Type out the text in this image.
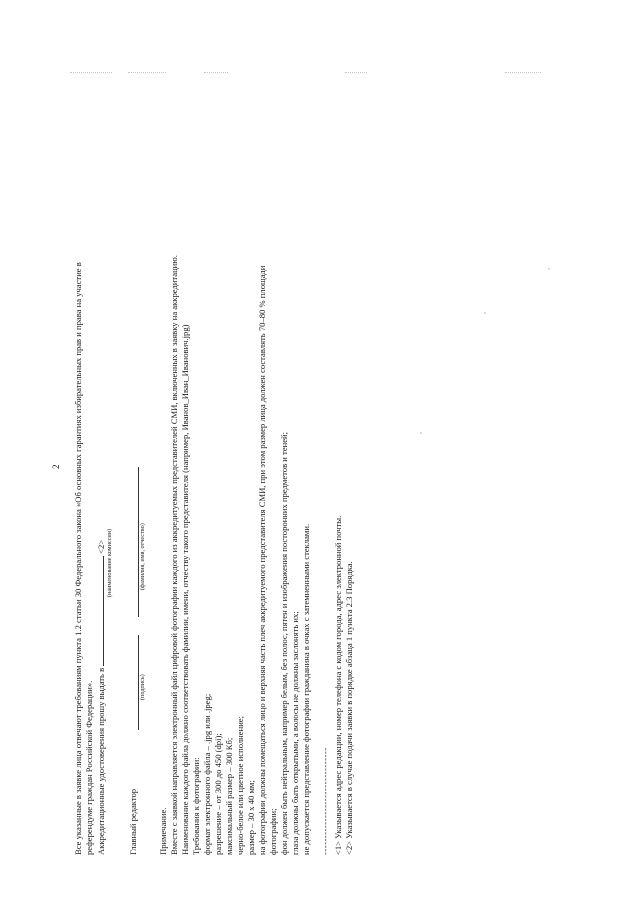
2 Все указанные в заявке лица отвечают требованиям пункта 1.2 статьи 30 Федерального закона «Об основных гарантиях избирательных прав и права на участие в референдуме граждан Российской Федерации». Аккредитационные удостоверения прошу выдать в<2> (наименование комиссии)
Главный редактор
(подпись)
(фамилия, имя, отчество)
Примечание. Вместе с заявкой направляется электронный файл цифровой фотографии каждого из аккредитуемых представителей СМИ, включенных в заявку на аккредитацию. Наименование каждого файла должно соответствовать фамилии, имени, отчеству такого представителя (например, Иванов_Иван_Иванович.jpg) Требования к фотографии: формат электронного файла – .jpg или .jpeg; разрешение – от 300 до 450 (dpi); максимальный размер – 300 Кб; черно-белое или цветное исполнение; размер – 30 x 40 мм; на фотографии должны помещаться лицо и верхняя часть плеч аккредитуемого представителя СМИ, при этом размер лица должен составлять 70–80 % площади фотографии; фон должен быть нейтральным, например белым, без полос, пятен и изображения посторонних предметов и теней; глаза должны быть открытыми, а волосы не должны заслонять их; не допускается представление фотографии гражданина в очках с затемненными стеклами. -------------------------------- <1> Указывается адрес редакции, номер телефона с кодом города, адрес электронной почты. <2> Указывается в случае подачи заявки в порядке абзаца 1 пункта 2.3 Порядка.
